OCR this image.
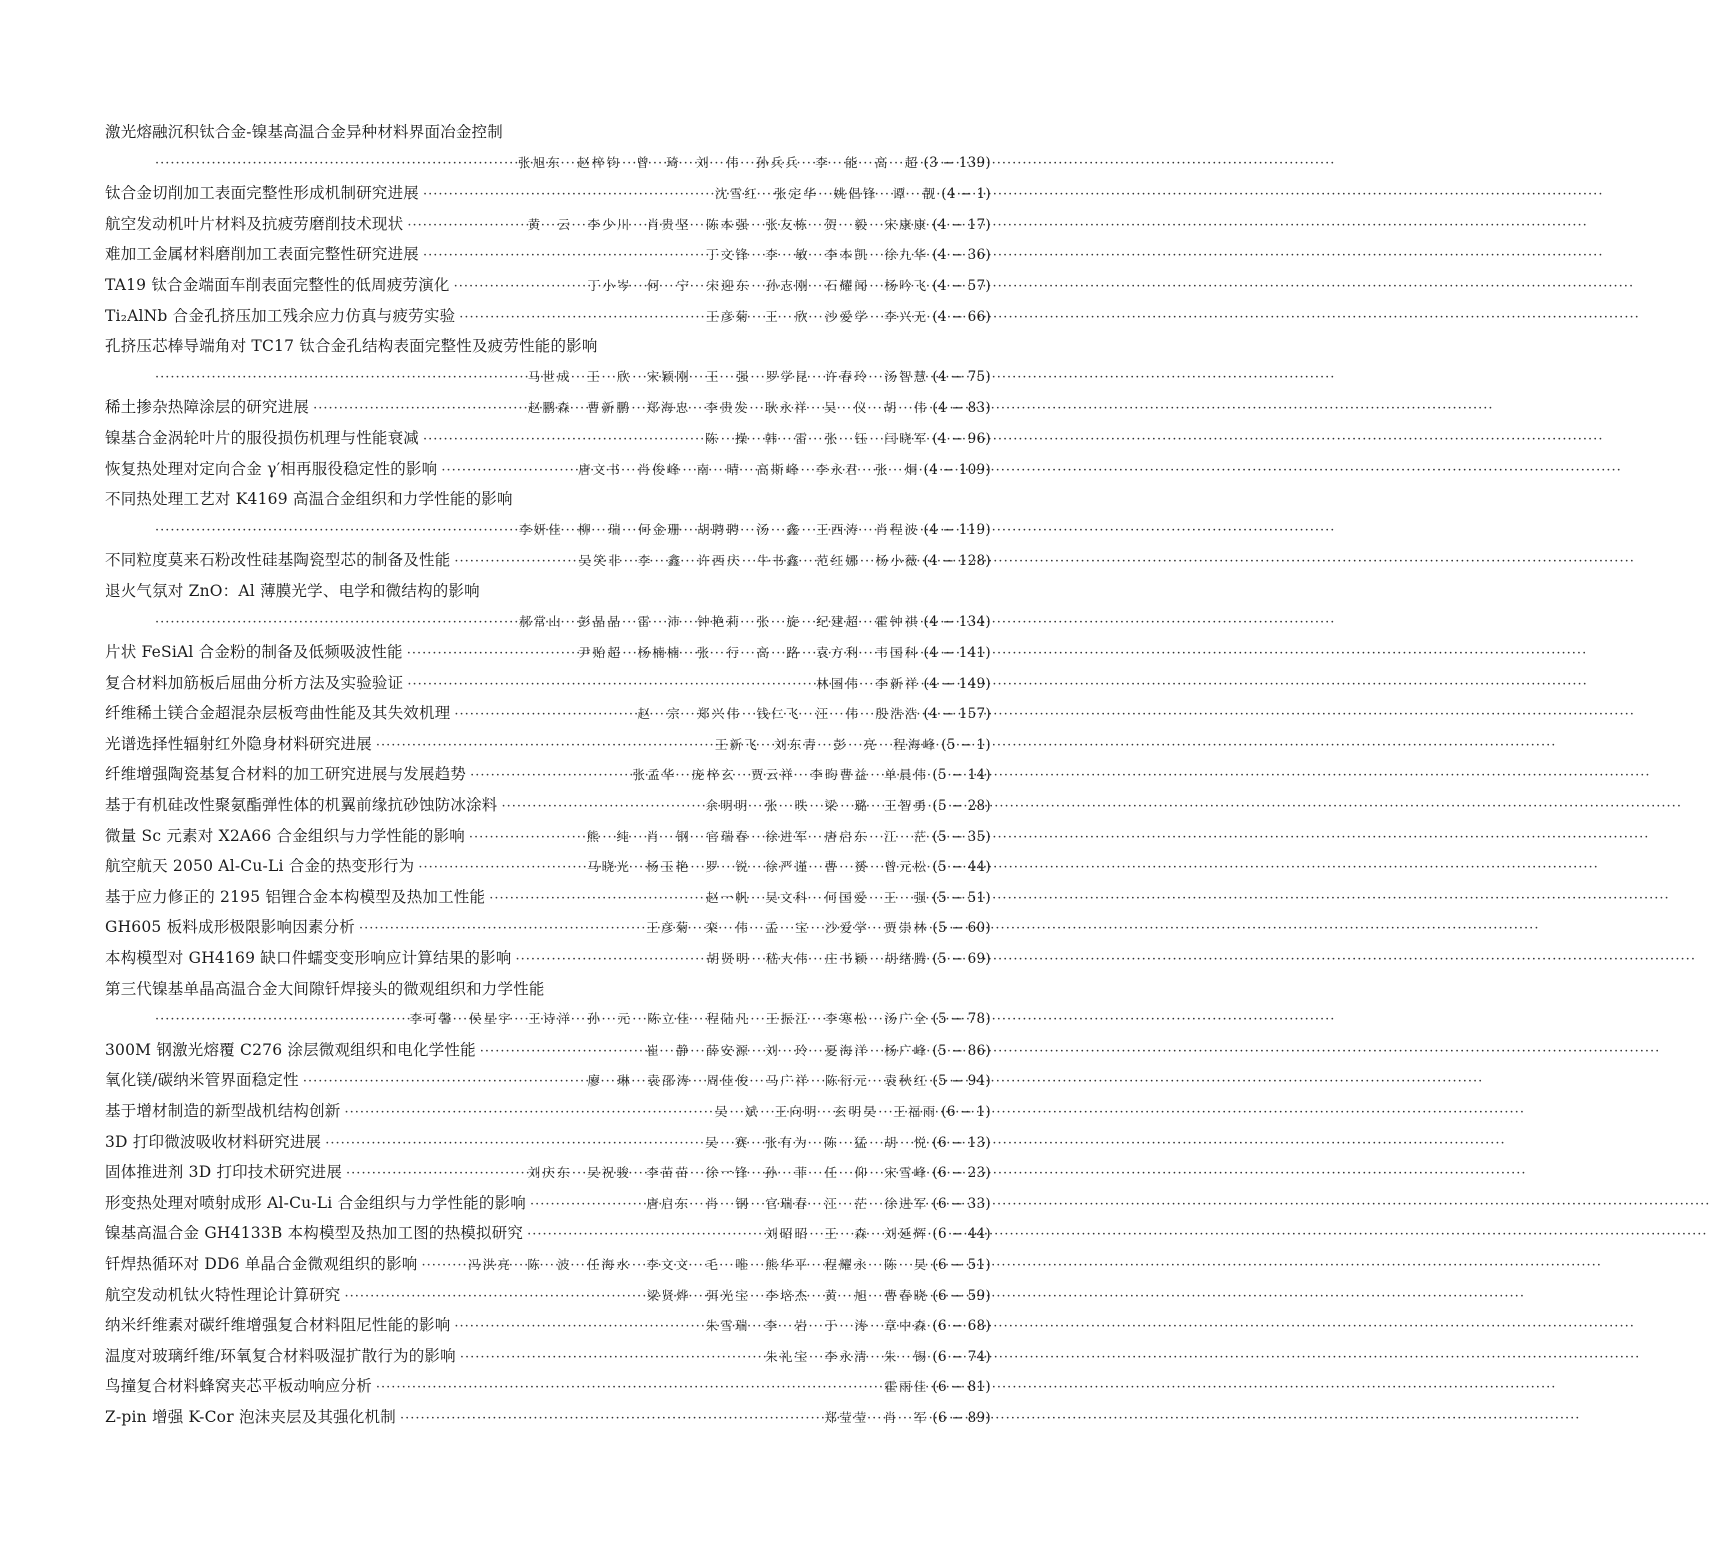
激光熔融沉积钛合金-镍基高温合金异种材料界面冶金控制
·····
张旭东 赵梓钧 曾 琦 刘 伟 孙兵兵 李 能 高 超 (3 − 139)
钛合金切削加工表面完整性形成机制研究进展 ·····	沈雪红 张定华 姚倡锋 谭 靓 (4 − 1)
航空发动机叶片材料及抗疲劳磨削技术现状 ·····	黄 云 李少川 肖贵坚 陈本强 张友栋 贺 毅 宋康康 (4 − 17)
难加工金属材料磨削加工表面完整性研究进展 ·····	丁文锋 李 敏 李本凯 徐九华 (4 − 36)
TA19 钛合金端面车削表面完整性的低周疲劳演化 ·····	丁小岑 何 宁 宋迎东 孙志刚 石耀闻 杨吟飞 (4 − 57)
Ti₂AlNb 合金孔挤压加工残余应力仿真与疲劳实验 ·····	王彦菊 王 欣 沙爱学 李兴无 (4 − 66)
孔挤压芯棒导端角对 TC17 钛合金孔结构表面完整性及疲劳性能的影响
·····
马世成 王 欣 宋颖刚 王 强 罗学昆 许春玲 汤智慧 (4 − 75)
稀土掺杂热障涂层的研究进展 ·····	赵鹏森 曹新鹏 郑海忠 李贵发 耿永祥 吴 仪 胡 伟 (4 − 83)
镍基合金涡轮叶片的服役损伤机理与性能衰减 ·····	陈 操 韩 雷 张 钰 闫晓军 (4 − 96)
恢复热处理对定向合金 γ′相再服役稳定性的影响 ·····	唐文书 肖俊峰 南 晴 高斯峰 李永君 张 炯 (4 − 109)
不同热处理工艺对 K4169 高温合金组织和力学性能的影响
·····
李妍佳 柳 瑞 何金珊 胡聘聘 汤 鑫 王西涛 肖程波 (4 − 119)
不同粒度莫来石粉改性硅基陶瓷型芯的制备及性能 ·····	吴笑非 李 鑫 许西庆 牛书鑫 范红娜 杨小薇 (4 − 128)
退火气氛对 ZnO：Al 薄膜光学、电学和微结构的影响
·····
郝常山 彭晶晶 雷 沛 钟艳莉 张 旋 纪建超 霍钟祺 (4 − 134)
片状 FeSiAl 合金粉的制备及低频吸波性能 ·····	尹贻超 杨楠楠 张 行 高 路 袁方利 韦国科 (4 − 141)
复合材料加筋板后屈曲分析方法及实验验证 ·····	林国伟 李新祥 (4 − 149)
纤维稀土镁合金超混杂层板弯曲性能及其失效机理 ·····	赵 宗 郑兴伟 钱仁飞 汪 伟 殷浩浩 (4 − 157)
光谱选择性辐射红外隐身材料研究进展 ·····	王新飞 刘东青 彭 亮 程海峰 (5 − 1)
纤维增强陶瓷基复合材料的加工研究进展与发展趋势 ·····	张孟华 庞梓玄 贾云祥 李昀曹益 单晨伟 (5 − 14)
基于有机硅改性聚氨酯弹性体的机翼前缘抗砂蚀防冰涂料 ·····	余明明 张 昳 梁 璐 王智勇 (5 − 28)
微量 Sc 元素对 X2A66 合金组织与力学性能的影响 ·····	熊 纯 肖 钢 官瑞春 徐进军 唐启东 江 茫 (5 − 35)
航空航天 2050 Al-Cu-Li 合金的热变形行为 ·····	马晓光 杨玉艳 罗 锐 徐严谨 曹 赟 曾元松 (5 − 44)
基于应力修正的 2195 铝锂合金本构模型及热加工性能 ·····	赵一帆 吴文科 何国爱 王 强 (5 − 51)
GH605 板料成形极限影响因素分析 ·····	王彦菊 栾 伟 孟 宝 沙爱学 贾崇林 (5 − 60)
本构模型对 GH4169 缺口件蠕变变形响应计算结果的影响 ·····	胡贤明 嵇大伟 庄书颖 胡绪腾 (5 − 69)
第三代镍基单晶高温合金大间隙钎焊接头的微观组织和力学性能
·····
李可馨 侯星宇 王诗洋 孙 元 陈立佳 程陆凡 王振江 李寒松 汤广全 (5 − 78)
300M 钢激光熔覆 C276 涂层微观组织和电化学性能 ·····	崔 静 薛安源 刘 玲 夏海洋 杨广峰 (5 − 86)
氧化镁/碳纳米管界面稳定性 ·····	廖 琳 袁邵涛 周佳俊 马广祥 陈衍元 袁秋红 (5 − 94)
基于增材制造的新型战机结构创新 ·····	吴 斌 王向明 玄明昊 王福雨 (6 − 1)
3D 打印微波吸收材料研究进展 ·····	吴 赛 张有为 陈 猛 胡 悦 (6 − 13)
固体推进剂 3D 打印技术研究进展 ·····	刘庆东 吴祝骏 李苗苗 徐一锋 孙 菲 任 仰 宋雪峰 (6 − 23)
形变热处理对喷射成形 Al-Cu-Li 合金组织与力学性能的影响 ·····	唐启东 肖 钢 官瑞春 江 茫 徐进军 (6 − 33)
镍基高温合金 GH4133B 本构模型及热加工图的热模拟研究 ·····	刘昭昭 王 森 刘延辉 (6 − 44)
钎焊热循环对 DD6 单晶合金微观组织的影响 ·····	冯洪亮 陈 波 任海水 李文文 毛 唯 熊华平 程耀永 陈 昊 (6 − 51)
航空发动机钛火特性理论计算研究 ·····	梁贤烨 弭光宝 李培杰 黄 旭 曹春晓 (6 − 59)
纳米纤维素对碳纤维增强复合材料阻尼性能的影响 ·····	朱雪瑞 李 岩 于 涛 章中森 (6 − 68)
温度对玻璃纤维/环氧复合材料吸湿扩散行为的影响 ·····	朱礼宝 李永清 朱 锡 (6 − 74)
鸟撞复合材料蜂窝夹芯平板动响应分析 ·····	霍雨佳 (6 − 81)
Z-pin 增强 K-Cor 泡沫夹层及其强化机制 ·····	郑莹莹 肖 军 (6 − 89)
